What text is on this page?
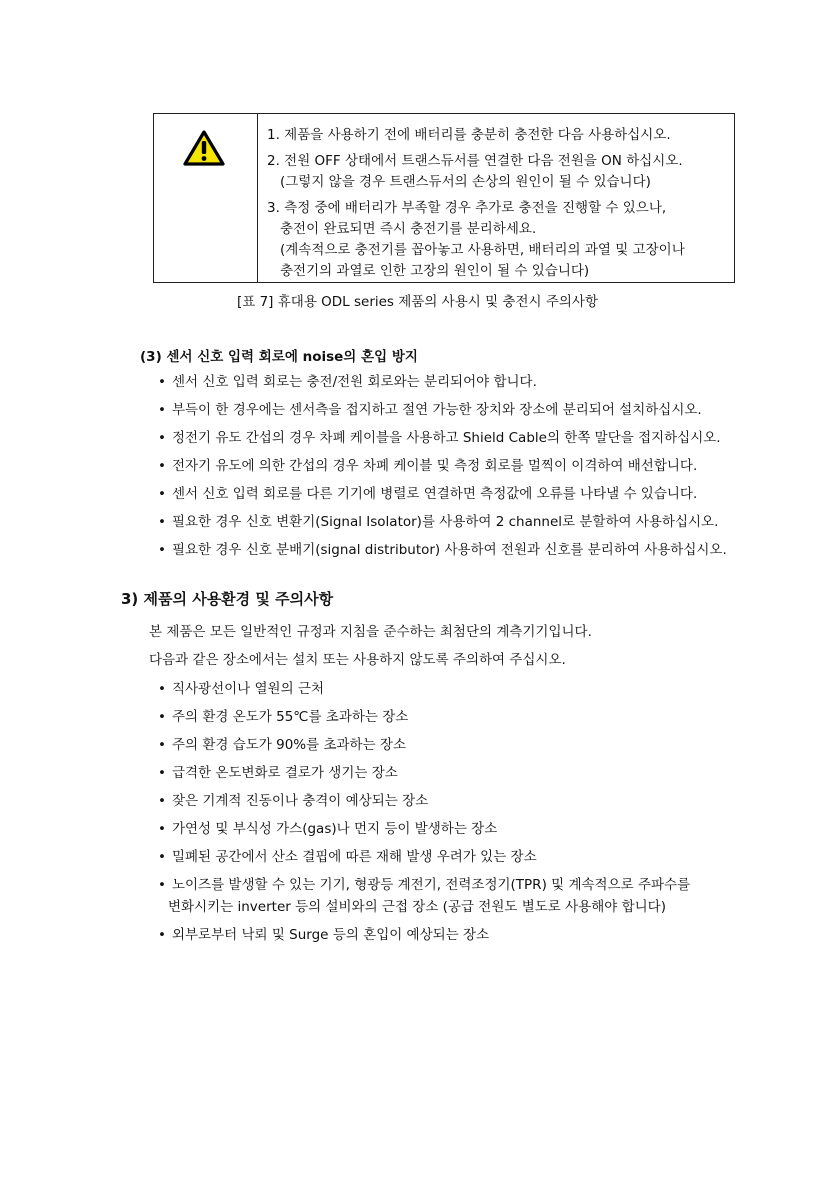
1. 제품을 사용하기 전에 배터리를 충분히 충전한 다음 사용하십시오.
2. 전원 OFF 상태에서 트랜스듀서를 연결한 다음 전원을 ON 하십시오.
(그렇지 않을 경우 트랜스듀서의 손상의 원인이 될 수 있습니다)
3. 측정 중에 배터리가 부족할 경우 추가로 충전을 진행할 수 있으나,
충전이 완료되면 즉시 충전기를 분리하세요.
(계속적으로 충전기를 꼽아놓고 사용하면, 배터리의 과열 및 고장이나
충전기의 과열로 인한 고장의 원인이 될 수 있습니다)
[표 7] 휴대용 ODL series 제품의 사용시 및 충전시 주의사항
(3) 센서 신호 입력 회로에 noise의 혼입 방지
• 센서 신호 입력 회로는 충전/전원 회로와는 분리되어야 합니다.
• 부득이 한 경우에는 센서측을 접지하고 절연 가능한 장치와 장소에 분리되어 설치하십시오.
• 정전기 유도 간섭의 경우 차폐 케이블을 사용하고 Shield Cable의 한쪽 말단을 접지하십시오.
• 전자기 유도에 의한 간섭의 경우 차폐 케이블 및 측정 회로를 멀찍이 이격하여 배선합니다.
• 센서 신호 입력 회로를 다른 기기에 병렬로 연결하면 측정값에 오류를 나타낼 수 있습니다.
• 필요한 경우 신호 변환기(Signal Isolator)를 사용하여 2 channel로 분할하여 사용하십시오.
• 필요한 경우 신호 분배기(signal distributor) 사용하여 전원과 신호를 분리하여 사용하십시오.
3) 제품의 사용환경 및 주의사항
본 제품은 모든 일반적인 규정과 지침을 준수하는 최첨단의 계측기기입니다.
다음과 같은 장소에서는 설치 또는 사용하지 않도록 주의하여 주십시오.
• 직사광선이나 열원의 근처
• 주의 환경 온도가 55℃를 초과하는 장소
• 주의 환경 습도가 90%를 초과하는 장소
• 급격한 온도변화로 결로가 생기는 장소
• 잦은 기계적 진동이나 충격이 예상되는 장소
• 가연성 및 부식성 가스(gas)나 먼지 등이 발생하는 장소
• 밀폐된 공간에서 산소 결핍에 따른 재해 발생 우려가 있는 장소
• 노이즈를 발생할 수 있는 기기, 형광등 계전기, 전력조정기(TPR) 및 계속적으로 주파수를
변화시키는 inverter 등의 설비와의 근접 장소 (공급 전원도 별도로 사용해야 합니다)
• 외부로부터 낙뢰 및 Surge 등의 혼입이 예상되는 장소
